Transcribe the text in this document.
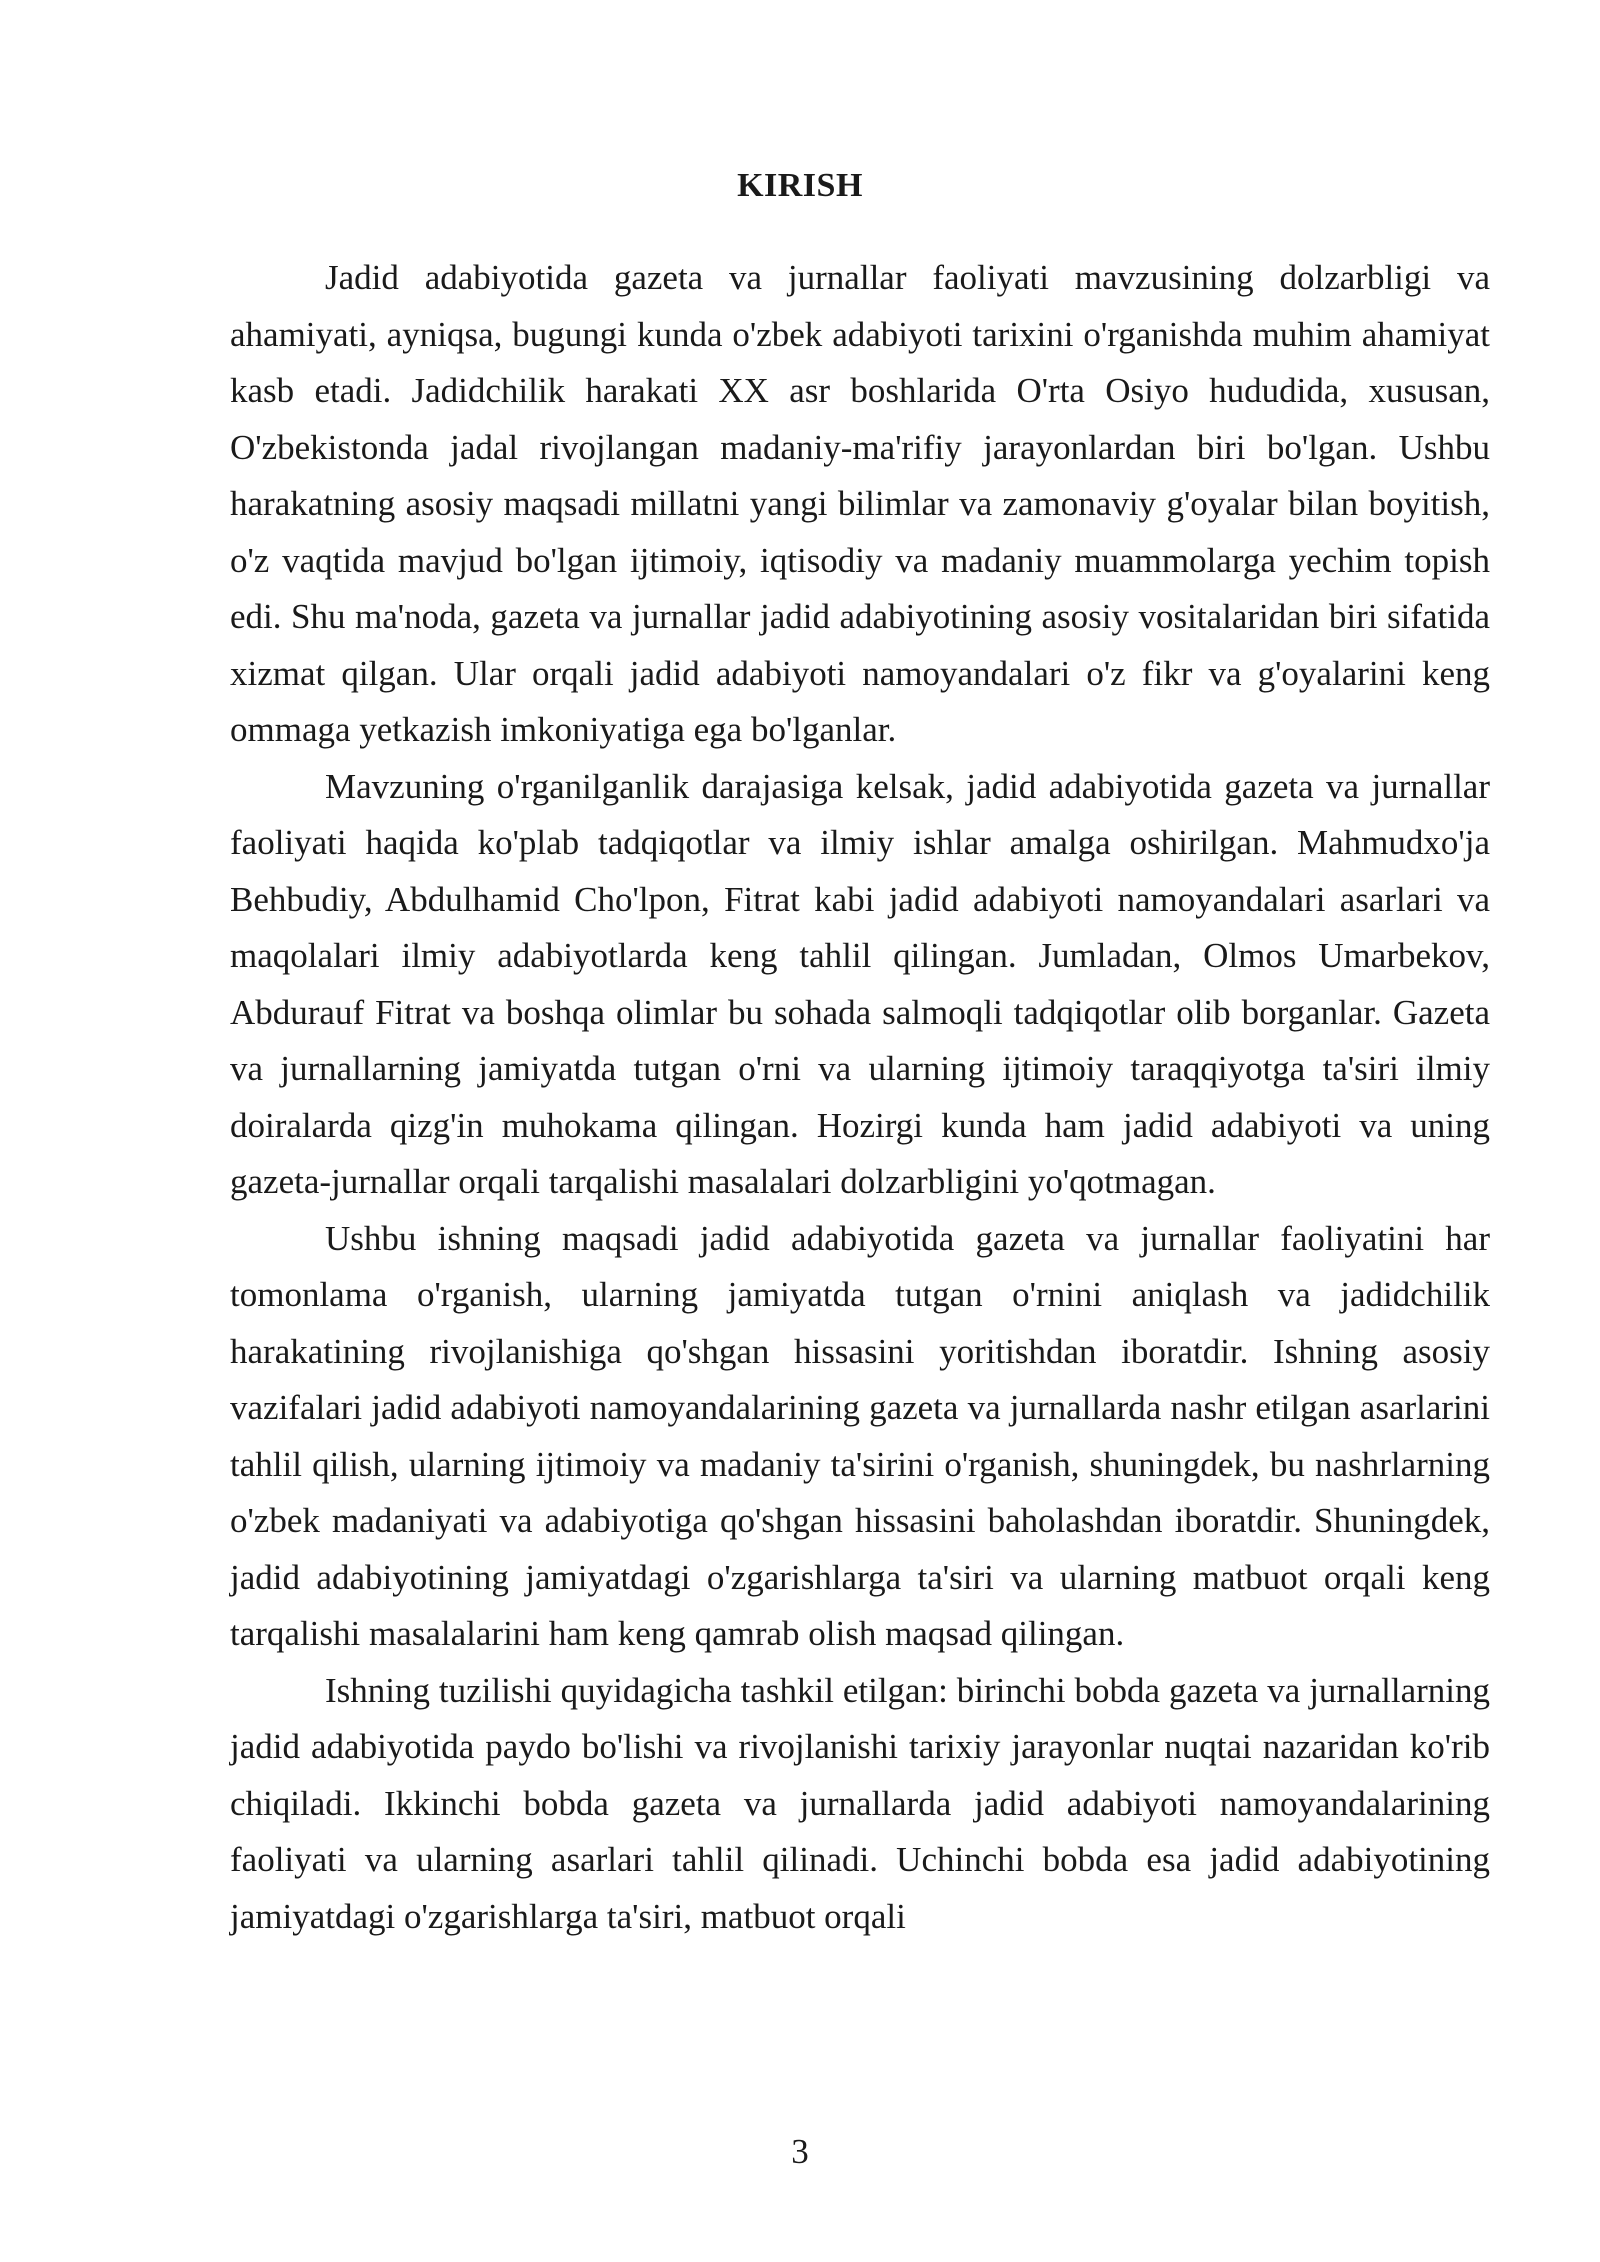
KIRISH

Jadid adabiyotida gazeta va jurnallar faoliyati mavzusining dolzarbligi va ahamiyati, ayniqsa, bugungi kunda o'zbek adabiyoti tarixini o'rganishda muhim ahamiyat kasb etadi. Jadidchilik harakati XX asr boshlarida O'rta Osiyo hududida, xususan, O'zbekistonda jadal rivojlangan madaniy-ma'rifiy jarayonlardan biri bo'lgan. Ushbu harakatning asosiy maqsadi millatni yangi bilimlar va zamonaviy g'oyalar bilan boyitish, o'z vaqtida mavjud bo'lgan ijtimoiy, iqtisodiy va madaniy muammolarga yechim topish edi. Shu ma'noda, gazeta va jurnallar jadid adabiyotining asosiy vositalaridan biri sifatida xizmat qilgan. Ular orqali jadid adabiyoti namoyandalari o'z fikr va g'oyalarini keng ommaga yetkazish imkoniyatiga ega bo'lganlar.

Mavzuning o'rganilganlik darajasiga kelsak, jadid adabiyotida gazeta va jurnallar faoliyati haqida ko'plab tadqiqotlar va ilmiy ishlar amalga oshirilgan. Mahmudxo'ja Behbudiy, Abdulhamid Cho'lpon, Fitrat kabi jadid adabiyoti namoyandalari asarlari va maqolalari ilmiy adabiyotlarda keng tahlil qilingan. Jumladan, Olmos Umarbekov, Abdurauf Fitrat va boshqa olimlar bu sohada salmoqli tadqiqotlar olib borganlar. Gazeta va jurnallarning jamiyatda tutgan o'rni va ularning ijtimoiy taraqqiyotga ta'siri ilmiy doiralarda qizg'in muhokama qilingan. Hozirgi kunda ham jadid adabiyoti va uning gazeta-jurnallar orqali tarqalishi masalalari dolzarbligini yo'qotmagan.

Ushbu ishning maqsadi jadid adabiyotida gazeta va jurnallar faoliyatini har tomonlama o'rganish, ularning jamiyatda tutgan o'rnini aniqlash va jadidchilik harakatining rivojlanishiga qo'shgan hissasini yoritishdan iboratdir. Ishning asosiy vazifalari jadid adabiyoti namoyandalarining gazeta va jurnallarda nashr etilgan asarlarini tahlil qilish, ularning ijtimoiy va madaniy ta'sirini o'rganish, shuningdek, bu nashrlarning o'zbek madaniyati va adabiyotiga qo'shgan hissasini baholashdan iboratdir. Shuningdek, jadid adabiyotining jamiyatdagi o'zgarishlarga ta'siri va ularning matbuot orqali keng tarqalishi masalalarini ham keng qamrab olish maqsad qilingan.

Ishning tuzilishi quyidagicha tashkil etilgan: birinchi bobda gazeta va jurnallarning jadid adabiyotida paydo bo'lishi va rivojlanishi tarixiy jarayonlar nuqtai nazaridan ko'rib chiqiladi. Ikkinchi bobda gazeta va jurnallarda jadid adabiyoti namoyandalarining faoliyati va ularning asarlari tahlil qilinadi. Uchinchi bobda esa jadid adabiyotining jamiyatdagi o'zgarishlarga ta'siri, matbuot orqali

3
